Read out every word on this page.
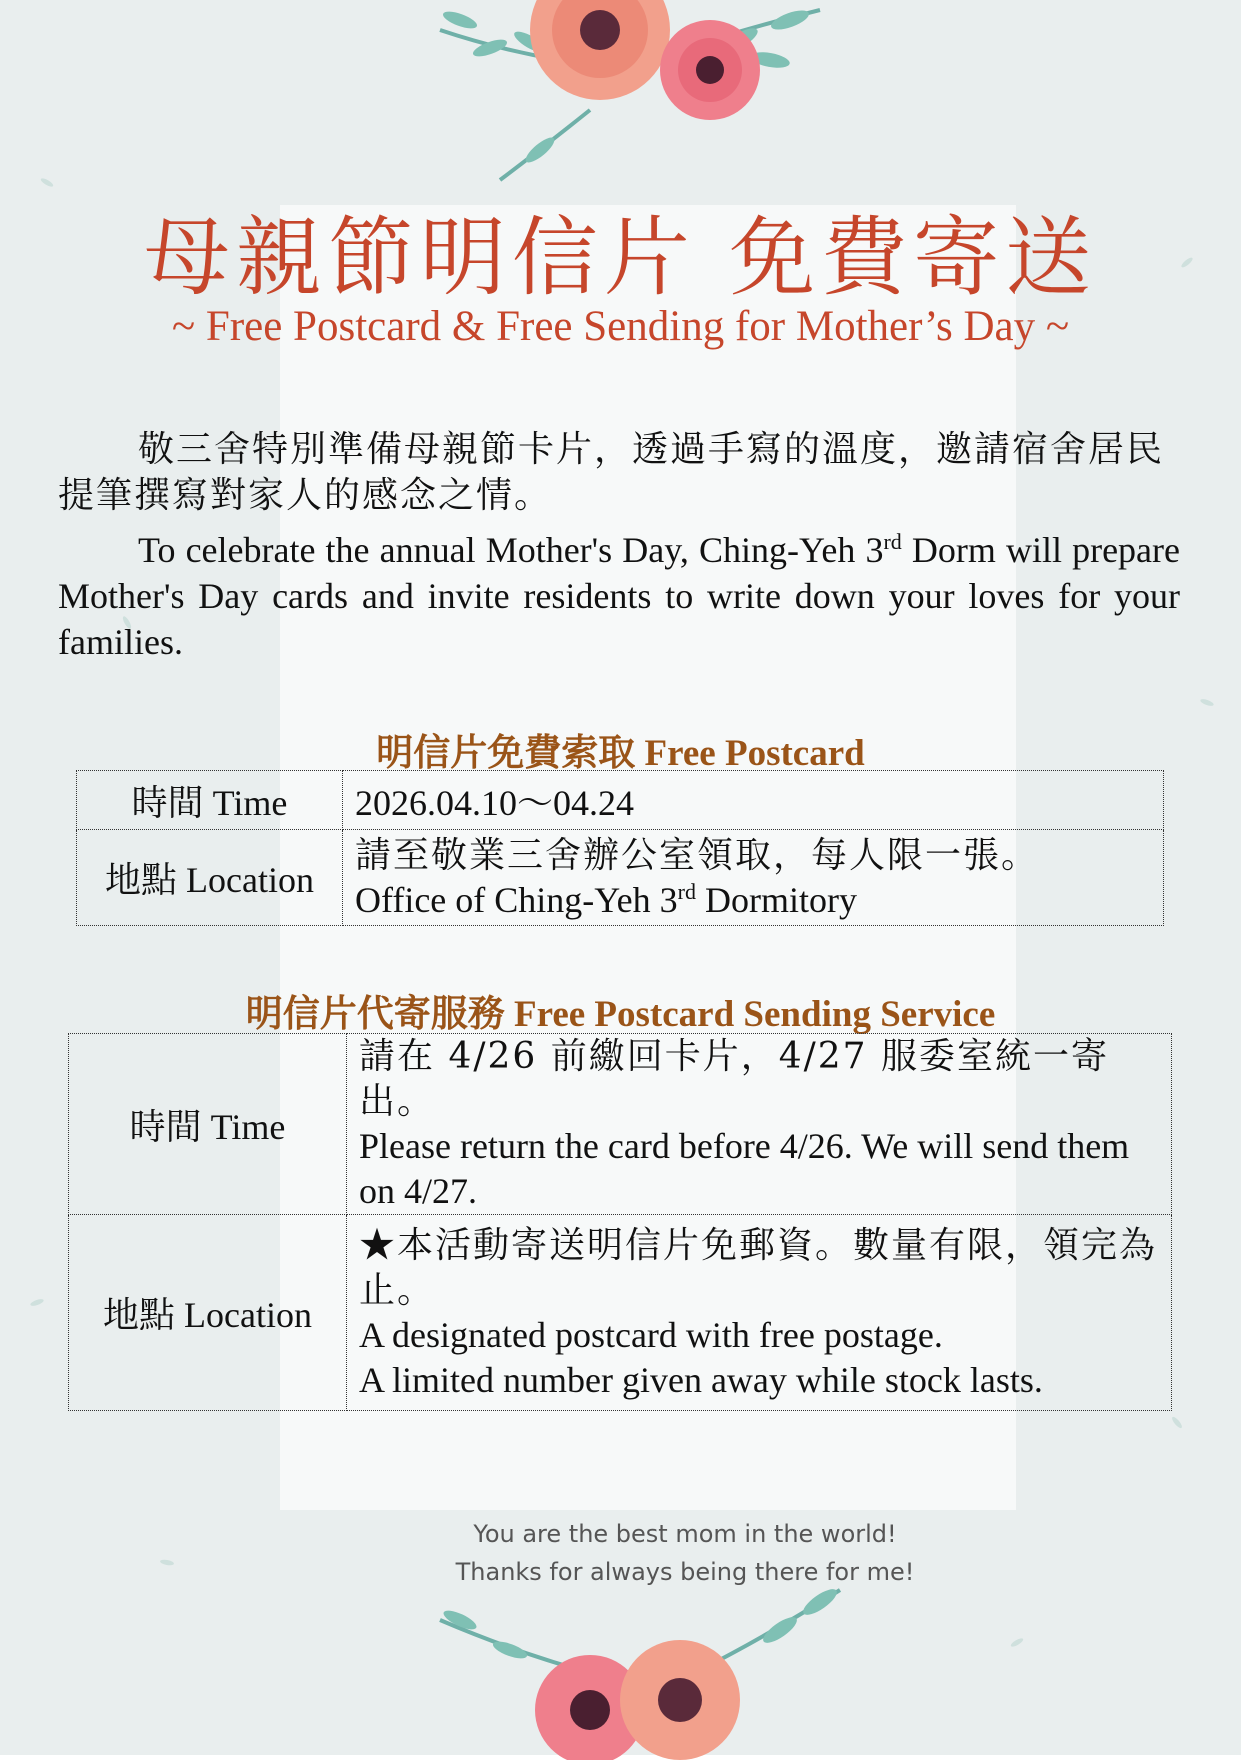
母親節明信片 免費寄送

~ Free Postcard & Free Sending for Mother’s Day ~

敬三舍特別準備母親節卡片，透過手寫的溫度，邀請宿舍居民提筆撰寫對家人的感念之情。

To celebrate the annual Mother's Day, Ching-Yeh 3rd Dorm will prepare Mother's Day cards and invite residents to write down your loves for your families.

明信片免費索取 Free Postcard

時間 Time	2026.04.10～04.24
地點 Location	請至敬業三舍辦公室領取，每人限一張。
Office of Ching-Yeh 3rd Dormitory

明信片代寄服務 Free Postcard Sending Service

時間 Time	請在 4/26 前繳回卡片，4/27 服委室統一寄出。
Please return the card before 4/26. We will send them on 4/27.

地點 Location	★本活動寄送明信片免郵資。數量有限，領完為止。
A designated postcard with free postage.
A limited number given away while stock lasts.
You are the best mom in the world!
Thanks for always being there for me!
